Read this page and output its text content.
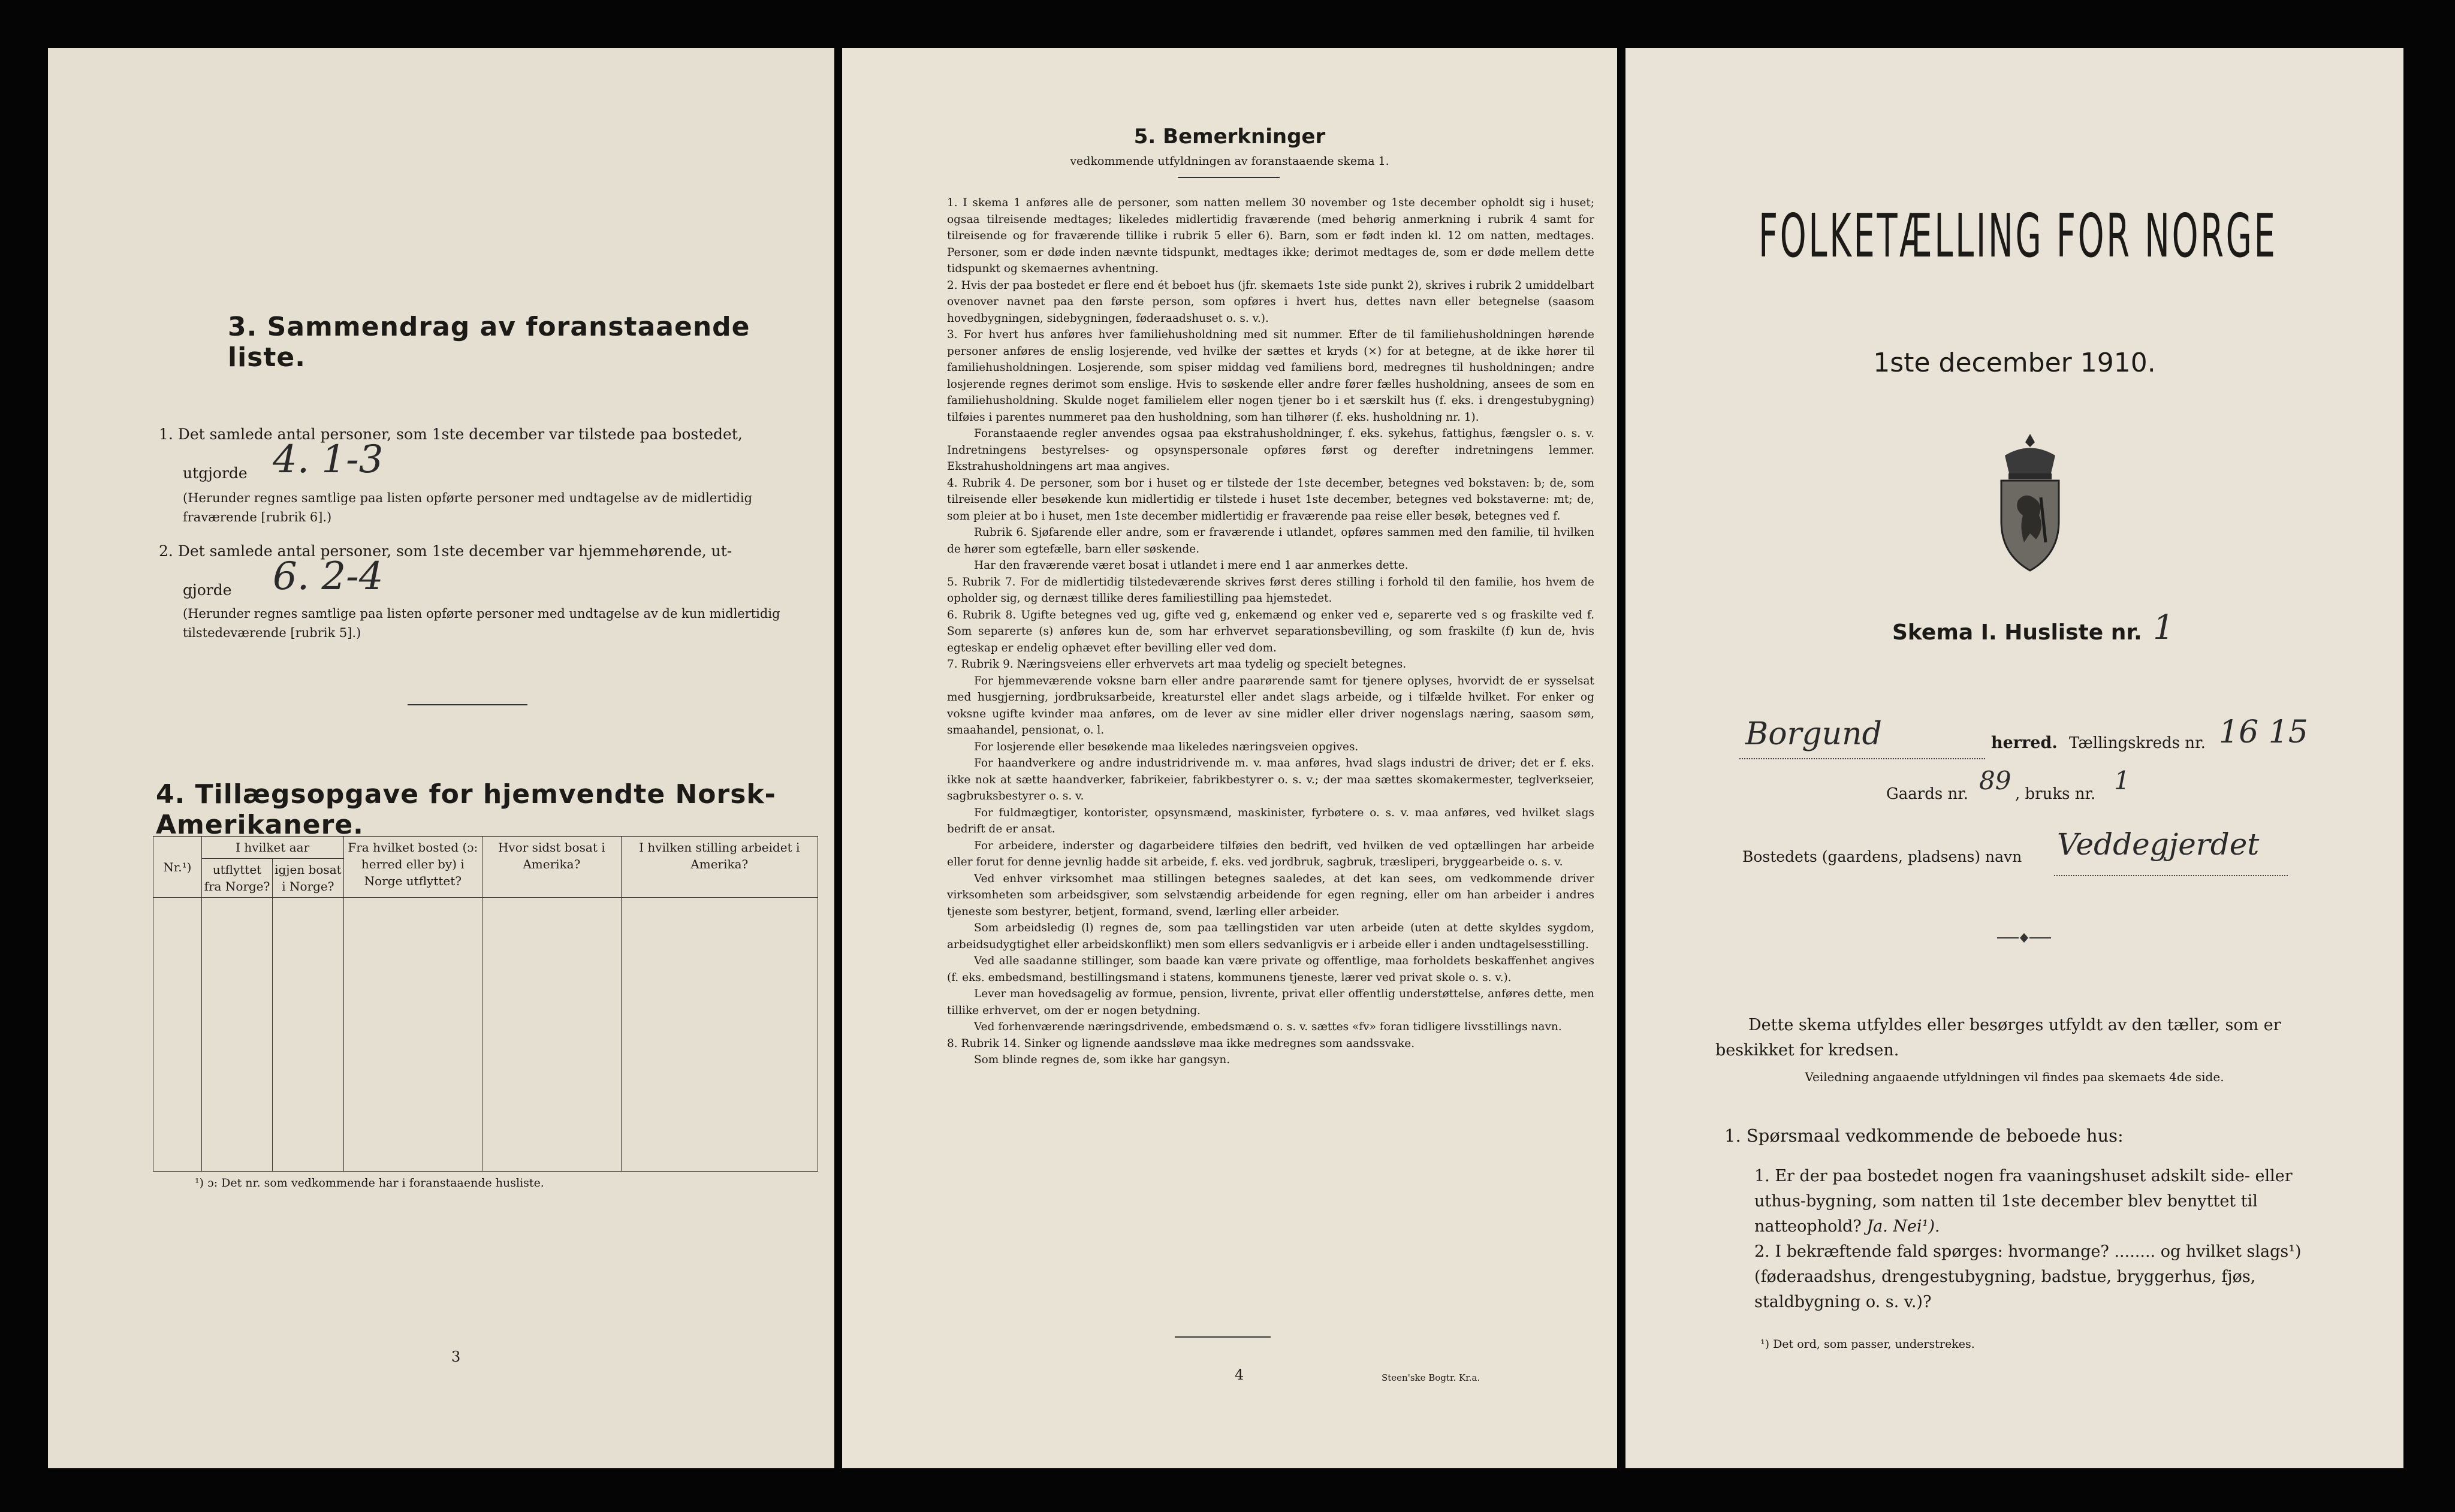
3. Sammendrag av foranstaaende liste.
1. Det samlede antal personer, som 1ste december var tilstede paa bostedet,
utgjorde 4. 1-3
(Herunder regnes samtlige paa listen opførte personer med undtagelse av de midlertidig fraværende [rubrik 6].)
2. Det samlede antal personer, som 1ste december var hjemmehørende, ut-
gjorde 6. 2-4
(Herunder regnes samtlige paa listen opførte personer med undtagelse av de kun midlertidig tilstedeværende [rubrik 5].)
4. Tillægsopgave for hjemvendte Norsk-Amerikanere.
Nr.¹)	I hvilket aar		Fra hvilket bosted (ɔ: herred eller by) i Norge utflyttet?	Hvor sidst bosat i Amerika?	I hvilken stilling arbeidet i Amerika?
	utflyttet fra Norge?	igjen bosat i Norge?			

¹) ɔ: Det nr. som vedkommende har i foranstaaende husliste.
3
5. Bemerkninger
vedkommende utfyldningen av foranstaaende skema 1.

1. I skema 1 anføres alle de personer, som natten mellem 30 november og 1ste december opholdt sig i huset; ogsaa tilreisende medtages; likeledes midlertidig fraværende (med behørig anmerkning i rubrik 4 samt for tilreisende og for fraværende tillike i rubrik 5 eller 6). Barn, som er født inden kl. 12 om natten, medtages. Personer, som er døde inden nævnte tidspunkt, medtages ikke; derimot medtages de, som er døde mellem dette tidspunkt og skemaernes avhentning.

2. Hvis der paa bostedet er flere end ét beboet hus (jfr. skemaets 1ste side punkt 2), skrives i rubrik 2 umiddelbart ovenover navnet paa den første person, som opføres i hvert hus, dettes navn eller betegnelse (saasom hovedbygningen, sidebygningen, føderaadshuset o. s. v.).

3. For hvert hus anføres hver familiehusholdning med sit nummer. Efter de til familiehusholdningen hørende personer anføres de enslig losjerende, ved hvilke der sættes et kryds (×) for at betegne, at de ikke hører til familiehusholdningen. Losjerende, som spiser middag ved familiens bord, medregnes til husholdningen; andre losjerende regnes derimot som enslige. Hvis to søskende eller andre fører fælles husholdning, ansees de som en familiehusholdning. Skulde noget familielem eller nogen tjener bo i et særskilt hus (f. eks. i drengestubygning) tilføies i parentes nummeret paa den husholdning, som han tilhører (f. eks. husholdning nr. 1).

Foranstaaende regler anvendes ogsaa paa ekstrahusholdninger, f. eks. sykehus, fattighus, fængsler o. s. v. Indretningens bestyrelses- og opsynspersonale opføres først og derefter indretningens lemmer. Ekstrahusholdningens art maa angives.

4. Rubrik 4. De personer, som bor i huset og er tilstede der 1ste december, betegnes ved bokstaven: b; de, som tilreisende eller besøkende kun midlertidig er tilstede i huset 1ste december, betegnes ved bokstaverne: mt; de, som pleier at bo i huset, men 1ste december midlertidig er fraværende paa reise eller besøk, betegnes ved f.

Rubrik 6. Sjøfarende eller andre, som er fraværende i utlandet, opføres sammen med den familie, til hvilken de hører som egtefælle, barn eller søskende.

Har den fraværende været bosat i utlandet i mere end 1 aar anmerkes dette.

5. Rubrik 7. For de midlertidig tilstedeværende skrives først deres stilling i forhold til den familie, hos hvem de opholder sig, og dernæst tillike deres familiestilling paa hjemstedet.

6. Rubrik 8. Ugifte betegnes ved ug, gifte ved g, enkemænd og enker ved e, separerte ved s og fraskilte ved f. Som separerte (s) anføres kun de, som har erhvervet separationsbevilling, og som fraskilte (f) kun de, hvis egteskap er endelig ophævet efter bevilling eller ved dom.

7. Rubrik 9. Næringsveiens eller erhvervets art maa tydelig og specielt betegnes.

For hjemmeværende voksne barn eller andre paarørende samt for tjenere oplyses, hvorvidt de er sysselsat med husgjerning, jordbruksarbeide, kreaturstel eller andet slags arbeide, og i tilfælde hvilket. For enker og voksne ugifte kvinder maa anføres, om de lever av sine midler eller driver nogenslags næring, saasom søm, smaahandel, pensionat, o. l.

For losjerende eller besøkende maa likeledes næringsveien opgives.

For haandverkere og andre industridrivende m. v. maa anføres, hvad slags industri de driver; det er f. eks. ikke nok at sætte haandverker, fabrikeier, fabrikbestyrer o. s. v.; der maa sættes skomakermester, teglverkseier, sagbruksbestyrer o. s. v.

For fuldmægtiger, kontorister, opsynsmænd, maskinister, fyrbøtere o. s. v. maa anføres, ved hvilket slags bedrift de er ansat.

For arbeidere, inderster og dagarbeidere tilføies den bedrift, ved hvilken de ved optællingen har arbeide eller forut for denne jevnlig hadde sit arbeide, f. eks. ved jordbruk, sagbruk, træsliperi, bryggearbeide o. s. v.

Ved enhver virksomhet maa stillingen betegnes saaledes, at det kan sees, om vedkommende driver virksomheten som arbeidsgiver, som selvstændig arbeidende for egen regning, eller om han arbeider i andres tjeneste som bestyrer, betjent, formand, svend, lærling eller arbeider.

Som arbeidsledig (l) regnes de, som paa tællingstiden var uten arbeide (uten at dette skyldes sygdom, arbeidsudygtighet eller arbeidskonflikt) men som ellers sedvanligvis er i arbeide eller i anden undtagelsesstilling.

Ved alle saadanne stillinger, som baade kan være private og offentlige, maa forholdets beskaffenhet angives (f. eks. embedsmand, bestillingsmand i statens, kommunens tjeneste, lærer ved privat skole o. s. v.).

Lever man hovedsagelig av formue, pension, livrente, privat eller offentlig understøttelse, anføres dette, men tillike erhvervet, om der er nogen betydning.

Ved forhenværende næringsdrivende, embedsmænd o. s. v. sættes «fv» foran tidligere livsstillings navn.

8. Rubrik 14. Sinker og lignende aandssløve maa ikke medregnes som aandssvake.

Som blinde regnes de, som ikke har gangsyn.

4	Steen'ske Bogtr. Kr.a.
FOLKETÆLLING FOR NORGE
1ste december 1910.
Skema I. Husliste nr. 1
Borgund	herred. Tællingskreds nr. 16 15
Gaards nr. 89 , bruks nr. 1
Bostedets (gaardens, pladsens) navn Veddegjerdet
Dette skema utfyldes eller besørges utfyldt av den tæller, som er beskikket for kredsen.
Veiledning angaaende utfyldningen vil findes paa skemaets 4de side.
1. Spørsmaal vedkommende de beboede hus:
1. Er der paa bostedet nogen fra vaaningshuset adskilt side- eller uthus-bygning, som natten til 1ste december blev benyttet til natteophold? Ja. Nei¹).
2. I bekræftende fald spørges: hvormange? ........ og hvilket slags¹) (føderaadshus, drengestubygning, badstue, bryggerhus, fjøs, staldbygning o. s. v.)?
¹) Det ord, som passer, understrekes.
